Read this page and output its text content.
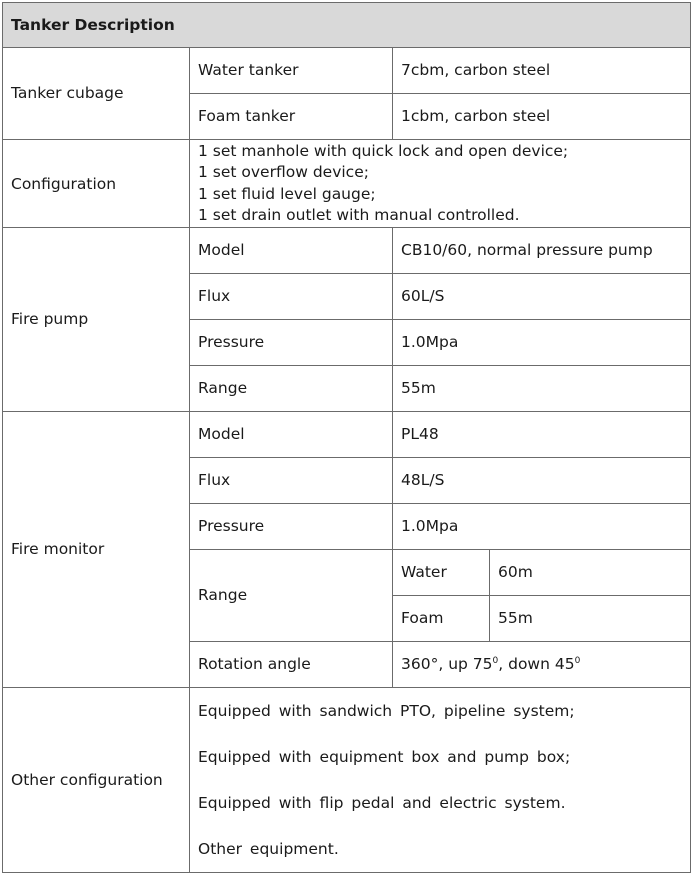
Tanker Description			
Tanker cubage	Water tanker	7cbm, carbon steel	
	Foam tanker	1cbm, carbon steel	
Configuration	1 set manhole with quick lock and open device;
1 set overflow device;
1 set fluid level gauge;
1 set drain outlet with manual controlled.		

Fire pump	Model	CB10/60, normal pressure pump	
	Flux	60L/S	
	Pressure	1.0Mpa	
	Range	55m	
Fire monitor	Model	PL48	
	Flux	48L/S	
	Pressure	1.0Mpa	
	Range	Water	60m
		Foam	55m
	Rotation angle	360°, up $75^0$, down $45^0$
Other configuration	Equipped with sandwich PTO, pipeline system;
Equipped with equipment box and pump box;
Equipped with flip pedal and electric system.
Other equipment.		
